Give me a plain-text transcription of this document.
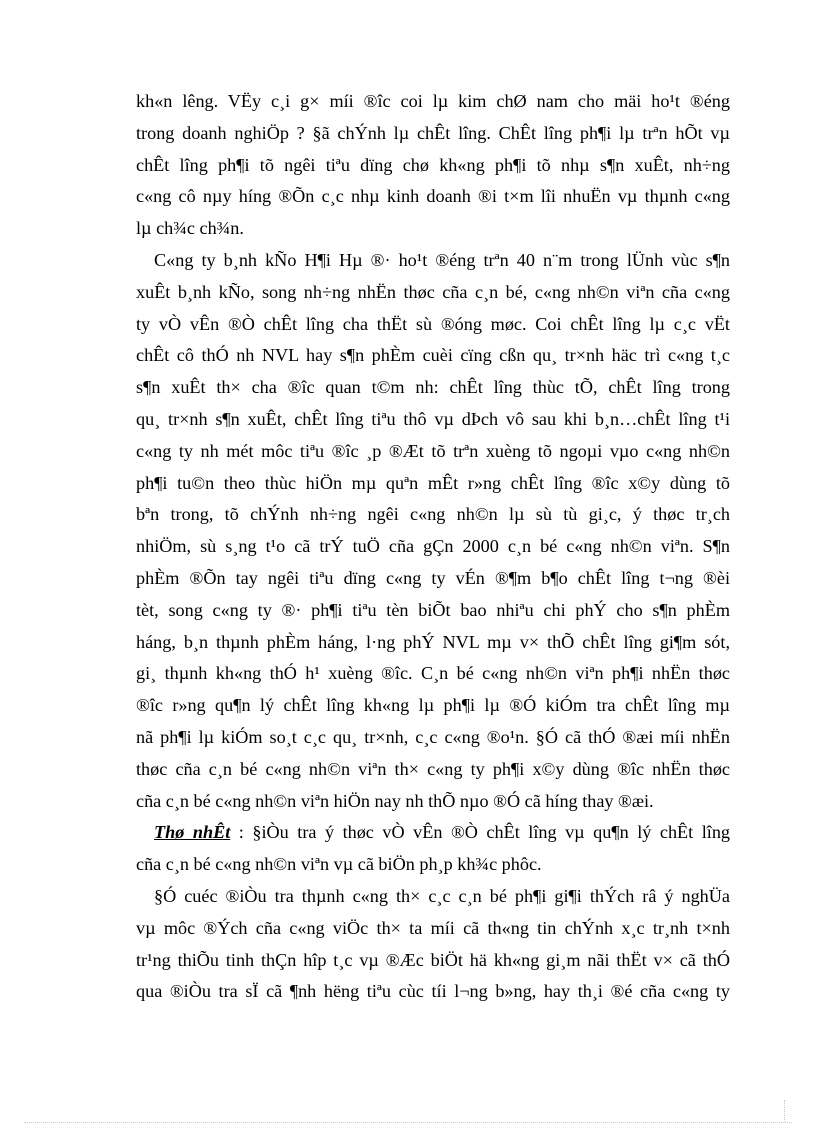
kh«n lêng. VËy c¸i g× míi ®îc coi lµ kim chØ nam cho mäi ho¹t ®éng
trong doanh nghiÖp ? §ã chÝnh lµ chÊt lîng. ChÊt lîng ph¶i lµ trªn hÕt vµ
chÊt lîng ph¶i tõ ngêi tiªu dïng chø kh«ng ph¶i tõ nhµ s¶n xuÊt, nh÷ng
c«ng cô nµy híng ®Õn c¸c nhµ kinh doanh ®i t×m lîi nhuËn vµ thµnh c«ng
lµ ch¾c ch¾n.

C«ng ty b¸nh kÑo H¶i Hµ ®· ho¹t ®éng trªn 40 n¨m trong lÜnh vùc s¶n
xuÊt b¸nh kÑo, song nh÷ng nhËn thøc cña c¸n bé, c«ng nh©n viªn cña c«ng
ty vÒ vÊn ®Ò chÊt lîng cha thËt sù ®óng møc. Coi chÊt lîng lµ c¸c vËt
chÊt cô thÓ nh NVL hay s¶n phÈm cuèi cïng cßn qu¸ tr×nh häc trì c«ng t¸c
s¶n xuÊt th× cha ®îc quan t©m nh: chÊt lîng thùc tÕ, chÊt lîng trong
qu¸ tr×nh s¶n xuÊt, chÊt lîng tiªu thô vµ dÞch vô sau khi b¸n…chÊt lîng t¹i
c«ng ty nh mét môc tiªu ®îc ¸p ®Æt tõ trªn xuèng tõ ngoµi vµo c«ng nh©n
ph¶i tu©n theo thùc hiÖn mµ quªn mÊt r»ng chÊt lîng ®îc x©y dùng tõ
bªn trong, tõ chÝnh nh÷ng ngêi c«ng nh©n lµ sù tù gi¸c, ý thøc tr¸ch
nhiÖm, sù s¸ng t¹o cã trÝ tuÖ cña gÇn 2000 c¸n bé c«ng nh©n viªn. S¶n
phÈm ®Õn tay ngêi tiªu dïng c«ng ty vÉn ®¶m b¶o chÊt lîng t¬ng ®èi
tèt, song c«ng ty ®· ph¶i tiªu tèn biÕt bao nhiªu chi phÝ cho s¶n phÈm
háng, b¸n thµnh phÈm háng, l·ng phÝ NVL mµ v× thÕ chÊt lîng gi¶m sót,
gi¸ thµnh kh«ng thÓ h¹ xuèng ®îc. C¸n bé c«ng nh©n viªn ph¶i nhËn thøc
®îc r»ng qu¶n lý chÊt lîng kh«ng lµ ph¶i lµ ®Ó kiÓm tra chÊt lîng mµ
nã ph¶i lµ kiÓm so¸t c¸c qu¸ tr×nh, c¸c c«ng ®o¹n. §Ó cã thÓ ®æi míi nhËn
thøc cña c¸n bé c«ng nh©n viªn th× c«ng ty ph¶i x©y dùng ®îc nhËn thøc
cña c¸n bé c«ng nh©n viªn hiÖn nay nh thÕ nµo ®Ó cã híng thay ®æi.

Thø nhÊt : §iÒu tra ý thøc vÒ vÊn ®Ò chÊt lîng vµ qu¶n lý chÊt lîng
cña c¸n bé c«ng nh©n viªn vµ cã biÖn ph¸p kh¾c phôc.

§Ó cuéc ®iÒu tra thµnh c«ng th× c¸c c¸n bé ph¶i gi¶i thÝch râ ý nghÜa
vµ môc ®Ých cña c«ng viÖc th× ta míi cã th«ng tin chÝnh x¸c tr¸nh t×nh
tr¹ng thiÕu tinh thÇn hîp t¸c vµ ®Æc biÖt hä kh«ng gi¸m nãi thËt v× cã thÓ
qua ®iÒu tra sÏ cã ¶nh hëng tiªu cùc tíi l¬ng b»ng, hay th¸i ®é cña c«ng ty
